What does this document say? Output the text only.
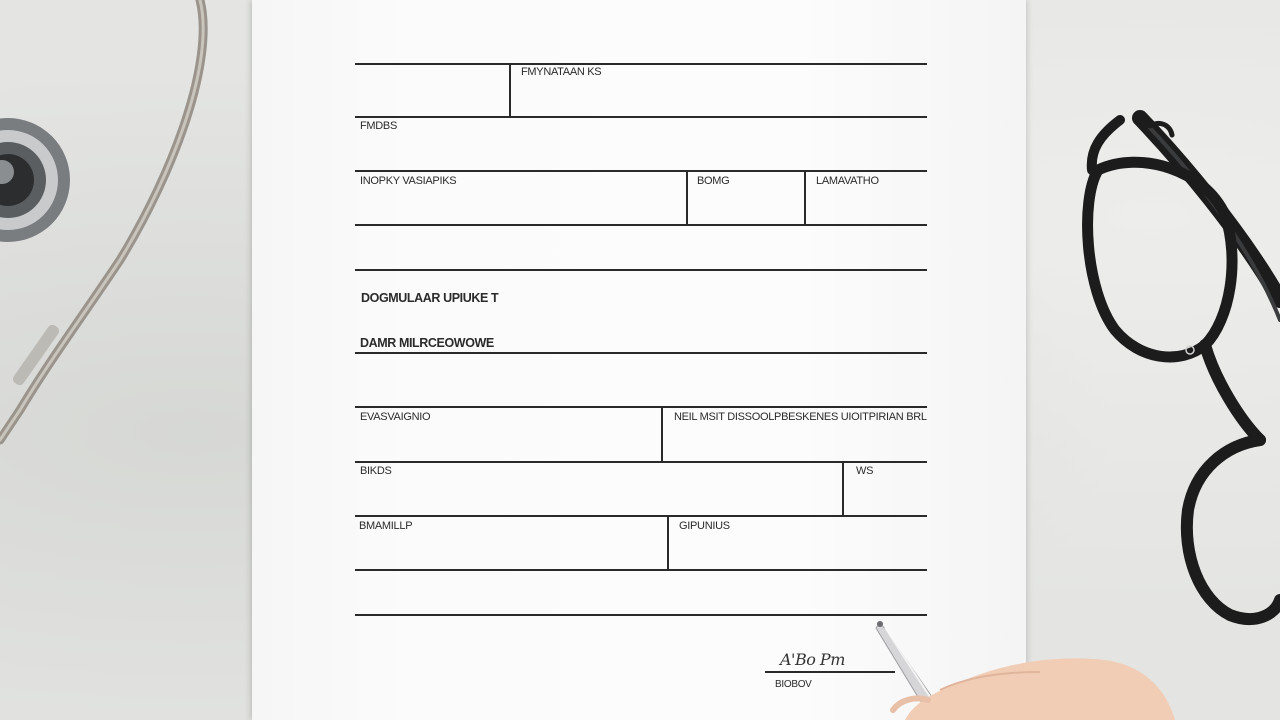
FMYNATAAN KS
FMDBS
INOPKY VASIAPIKS	BOMG	LAMAVATHO
DOGMULAAR UPIUKE T
DAMR MILRCEOWOWE
EVASVAIGNIO	NEIL MSIT DISSOOLPBESKENES UIOITPIRIAN BRL
BIKDS	WS
BMAMILLP	GIPUNIUS
A'Bo Pm
BIOBOV
